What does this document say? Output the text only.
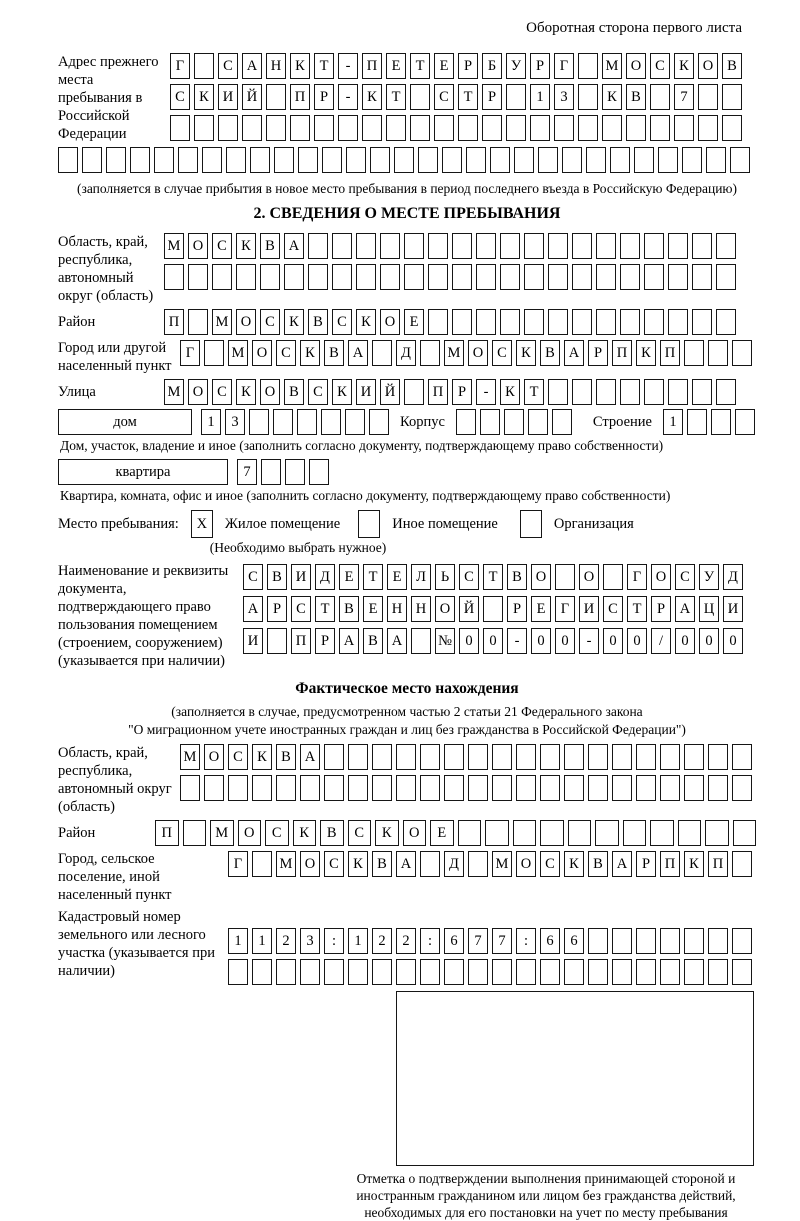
Оборотная сторона первого листа
Адрес прежнего места пребывания в Российской Федерации
Г	С А Н К	Т	-	П Е	Т	Е	Р	Б	У	Р	Г	М О С К О В
С К И Й	П	Р	-	К	Т	С	Т	Р	1	3	К В	7
(заполняется в случае прибытия в новое место пребывания в период последнего въезда в Российскую Федерацию)
2. СВЕДЕНИЯ О МЕСТЕ ПРЕБЫВАНИЯ
Область, край, республика, автономный округ (область)
М О С К В А
Район	П	М О С К В С К О Е
Город или другой населенный пункт
Г	М О С К В А	Д	М О С К В А	Р	П К П
Улица	М О С К О В С К И Й	П	Р	-	К	Т
дом	1	3	Корпус	Строение	1
Дом, участок, владение и иное (заполнить согласно документу, подтверждающему право собственности)
квартира	7
Квартира, комната, офис и иное (заполнить согласно документу, подтверждающему право собственности)
Место пребывания:	X	Жилое помещение	Иное помещение	Организация
(Необходимо выбрать нужное)
Наименование и реквизиты документа, подтверждающего право пользования помещением (строением, сооружением) (указывается при наличии)
С В И Д	Е	Т	Е	Л	Ь	С	Т	В О	О	Г	О С У Д
А	Р	С	Т	В	Е Н Н О Й	Р	Е	Г	И С	Т	Р	А Ц И
И	П	Р	А В А	№ 0	0	-	0	0	-	0	0	/	0	0	0
Фактическое место нахождения
(заполняется в случае, предусмотренном частью 2 статьи 21 Федерального закона
"О миграционном учете иностранных граждан и лиц без гражданства в Российской Федерации")
Область, край, республика, автономный округ (область)
М О С К В А
Район	П	М	О	С	К	В	С	К	О	Е
Город, сельское поселение, иной населенный пункт
Г	М О С К В А	Д	М О С К В А	Р	П К П
Кадастровый номер земельного или лесного участка (указывается при наличии)
1	1	2	3	:	1	2	2	:	6	7	7	:	6	6
Отметка о подтверждении выполнения принимающей стороной и иностранным гражданином или лицом без гражданства действий, необходимых для его постановки на учет по месту пребывания
